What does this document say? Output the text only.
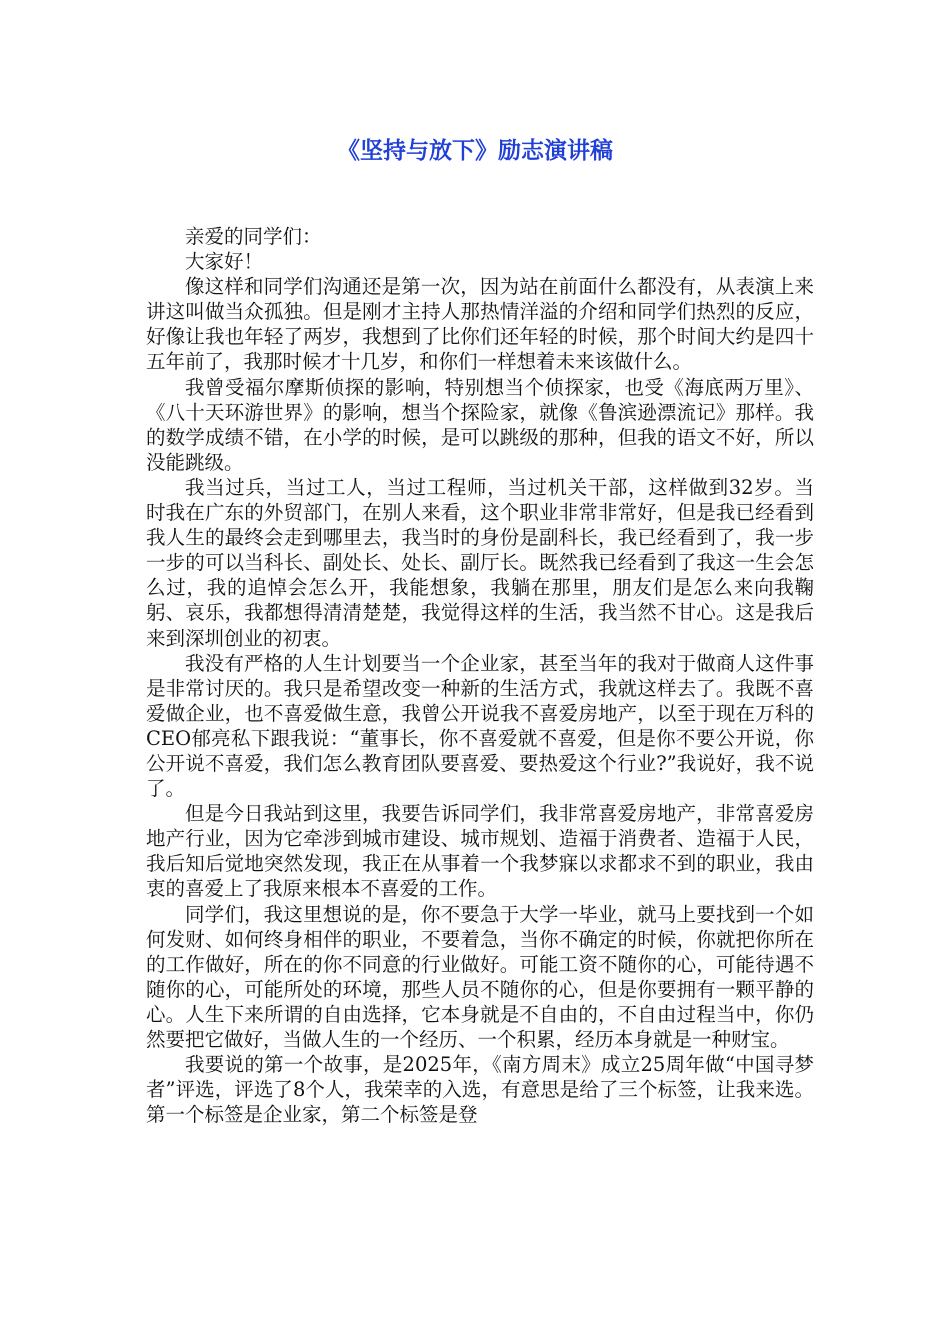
《坚持与放下》励志演讲稿

亲爱的同学们：

大家好！

像这样和同学们沟通还是第一次，因为站在前面什么都没有，从表演上来讲这叫做当众孤独。但是刚才主持人那热情洋溢的介绍和同学们热烈的反应，好像让我也年轻了两岁，我想到了比你们还年轻的时候，那个时间大约是四十五年前了，我那时候才十几岁，和你们一样想着未来该做什么。

我曾受福尔摩斯侦探的影响，特别想当个侦探家，也受《海底两万里》、《八十天环游世界》的影响，想当个探险家，就像《鲁滨逊漂流记》那样。我的数学成绩不错，在小学的时候，是可以跳级的那种，但我的语文不好，所以没能跳级。

我当过兵，当过工人，当过工程师，当过机关干部，这样做到32岁。当时我在广东的外贸部门，在别人来看，这个职业非常非常好，但是我已经看到我人生的最终会走到哪里去，我当时的身份是副科长，我已经看到了，我一步一步的可以当科长、副处长、处长、副厅长。既然我已经看到了我这一生会怎么过，我的追悼会怎么开，我能想象，我躺在那里，朋友们是怎么来向我鞠躬、哀乐，我都想得清清楚楚，我觉得这样的生活，我当然不甘心。这是我后来到深圳创业的初衷。

我没有严格的人生计划要当一个企业家，甚至当年的我对于做商人这件事是非常讨厌的。我只是希望改变一种新的生活方式，我就这样去了。我既不喜爱做企业，也不喜爱做生意，我曾公开说我不喜爱房地产，以至于现在万科的CEO郁亮私下跟我说：“董事长，你不喜爱就不喜爱，但是你不要公开说，你公开说不喜爱，我们怎么教育团队要喜爱、要热爱这个行业?”我说好，我不说了。

但是今日我站到这里，我要告诉同学们，我非常喜爱房地产，非常喜爱房地产行业，因为它牵涉到城市建设、城市规划、造福于消费者、造福于人民，我后知后觉地突然发现，我正在从事着一个我梦寐以求都求不到的职业，我由衷的喜爱上了我原来根本不喜爱的工作。

同学们，我这里想说的是，你不要急于大学一毕业，就马上要找到一个如何发财、如何终身相伴的职业，不要着急，当你不确定的时候，你就把你所在的工作做好，所在的你不同意的行业做好。可能工资不随你的心，可能待遇不随你的心，可能所处的环境，那些人员不随你的心，但是你要拥有一颗平静的心。人生下来所谓的自由选择，它本身就是不自由的，不自由过程当中，你仍然要把它做好，当做人生的一个经历、一个积累，经历本身就是一种财宝。

我要说的第一个故事，是2025年，《南方周末》成立25周年做“中国寻梦者”评选，评选了8个人，我荣幸的入选，有意思是给了三个标签，让我来选。第一个标签是企业家，第二个标签是登
